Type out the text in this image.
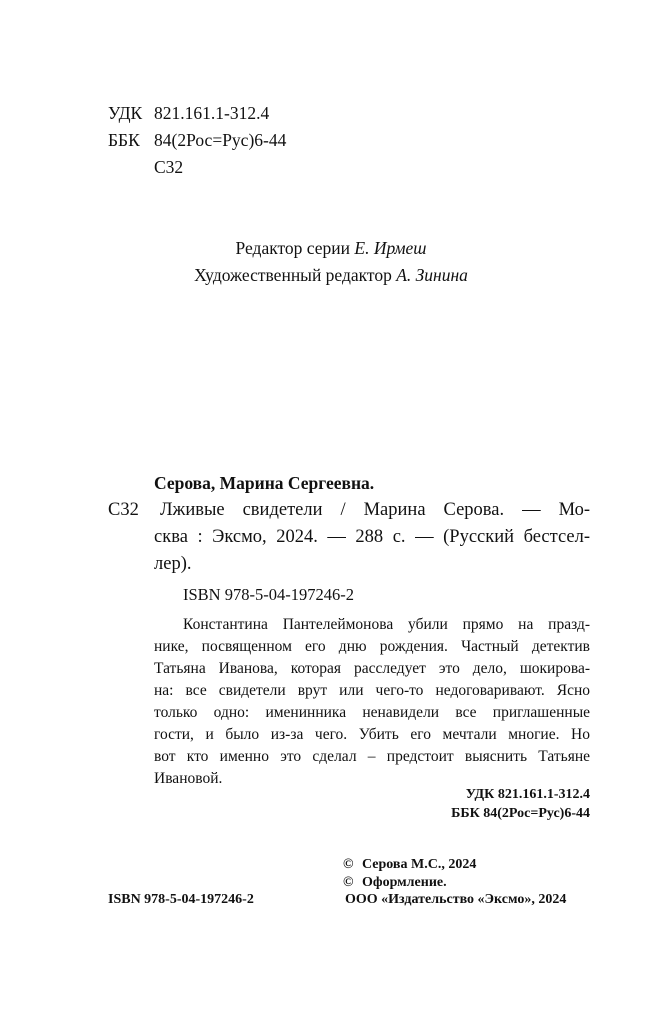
УДК 821.161.1-312.4
ББК 84(2Рос=Рус)6-44
С32
Редактор серии Е. Ирмеш
Художественный редактор А. Зинина
Серова, Марина Сергеевна.
С32 Лживые свидетели / Марина Серова. — Мо-
сква : Эксмо, 2024. — 288 с. — (Русский бестсел-
лер).
ISBN 978-5-04-197246-2
Константина Пантелеймонова убили прямо на празд-
нике, посвященном его дню рождения. Частный детектив
Татьяна Иванова, которая расследует это дело, шокирова-
на: все свидетели врут или чего-то недоговаривают. Ясно
только одно: именинника ненавидели все приглашенные
гости, и было из-за чего. Убить его мечтали многие. Но
вот кто именно это сделал – предстоит выяснить Татьяне
Ивановой.
УДК 821.161.1-312.4
ББК 84(2Рос=Рус)6-44
© Серова М.С., 2024
© Оформление.
ISBN 978-5-04-197246-2	ООО «Издательство «Эксмо», 2024
